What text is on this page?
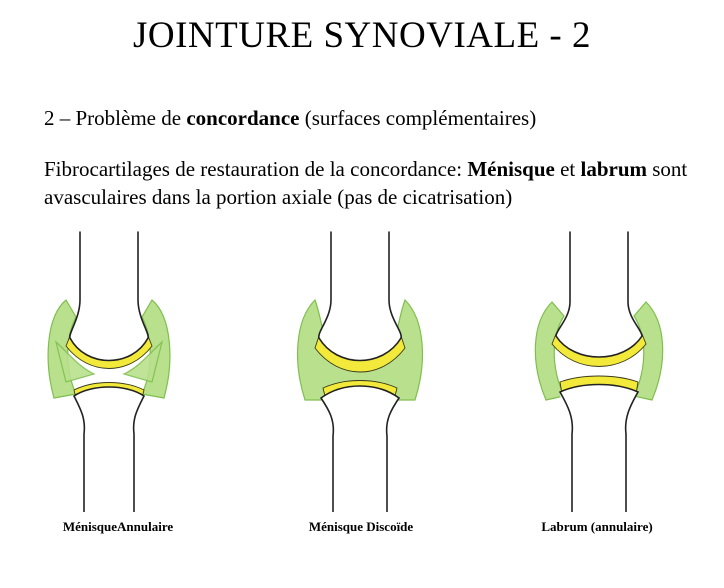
JOINTURE SYNOVIALE - 2
2 – Problème de concordance (surfaces complémentaires)
Fibrocartilages de restauration de la concordance: Ménisque et labrum sont
avasculaires dans la portion axiale (pas de cicatrisation)
MénisqueAnnulaire	Ménisque Discoïde	Labrum (annulaire)
